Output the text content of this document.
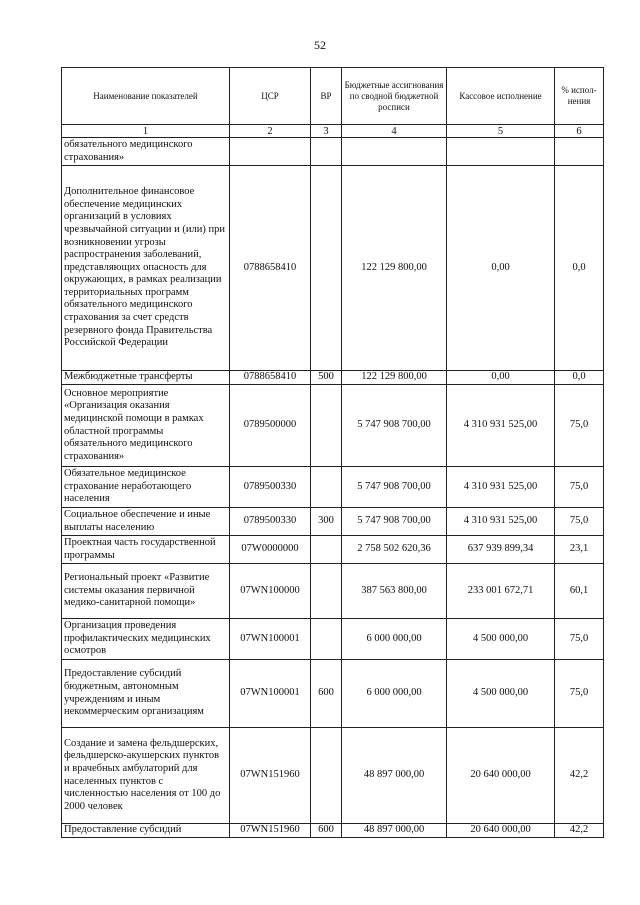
52
Наименование показателей	ЦСР	ВР	Бюджетные ассигнования по сводной бюджетной росписи	Кассовое исполнение	% испол-нения
1	2	3	4	5	6
обязательного медицинского страхования»					
Дополнительное финансовое обеспечение медицинских организаций в условиях чрезвычайной ситуации и (или) при возникновении угрозы распространения заболеваний, представляющих опасность для окружающих, в рамках реализации территориальных программ обязательного медицинского страхования за счет средств резервного фонда Правительства Российской Федерации	0788658410		122 129 800,00	0,00	0,0
Межбюджетные трансферты	0788658410	500	122 129 800,00	0,00	0,0
Основное мероприятие «Организация оказания медицинской помощи в рамках областной программы обязательного медицинского страхования»	0789500000		5 747 908 700,00	4 310 931 525,00	75,0
Обязательное медицинское страхование неработающего населения	0789500330		5 747 908 700,00	4 310 931 525,00	75,0
Социальное обеспечение и иные выплаты населению	0789500330	300	5 747 908 700,00	4 310 931 525,00	75,0
Проектная часть государственной программы	07W0000000		2 758 502 620,36	637 939 899,34	23,1
Региональный проект «Развитие системы оказания первичной медико-санитарной помощи»	07WN100000		387 563 800,00	233 001 672,71	60,1
Организация проведения профилактических медицинских осмотров	07WN100001		6 000 000,00	4 500 000,00	75,0
Предоставление субсидий бюджетным, автономным учреждениям и иным некоммерческим организациям	07WN100001	600	6 000 000,00	4 500 000,00	75,0
Создание и замена фельдшерских, фельдшерско-акушерских пунктов и врачебных амбулаторий для населенных пунктов с численностью населения от 100 до 2000 человек	07WN151960		48 897 000,00	20 640 000,00	42,2
Предоставление субсидий	07WN151960	600	48 897 000,00	20 640 000,00	42,2
